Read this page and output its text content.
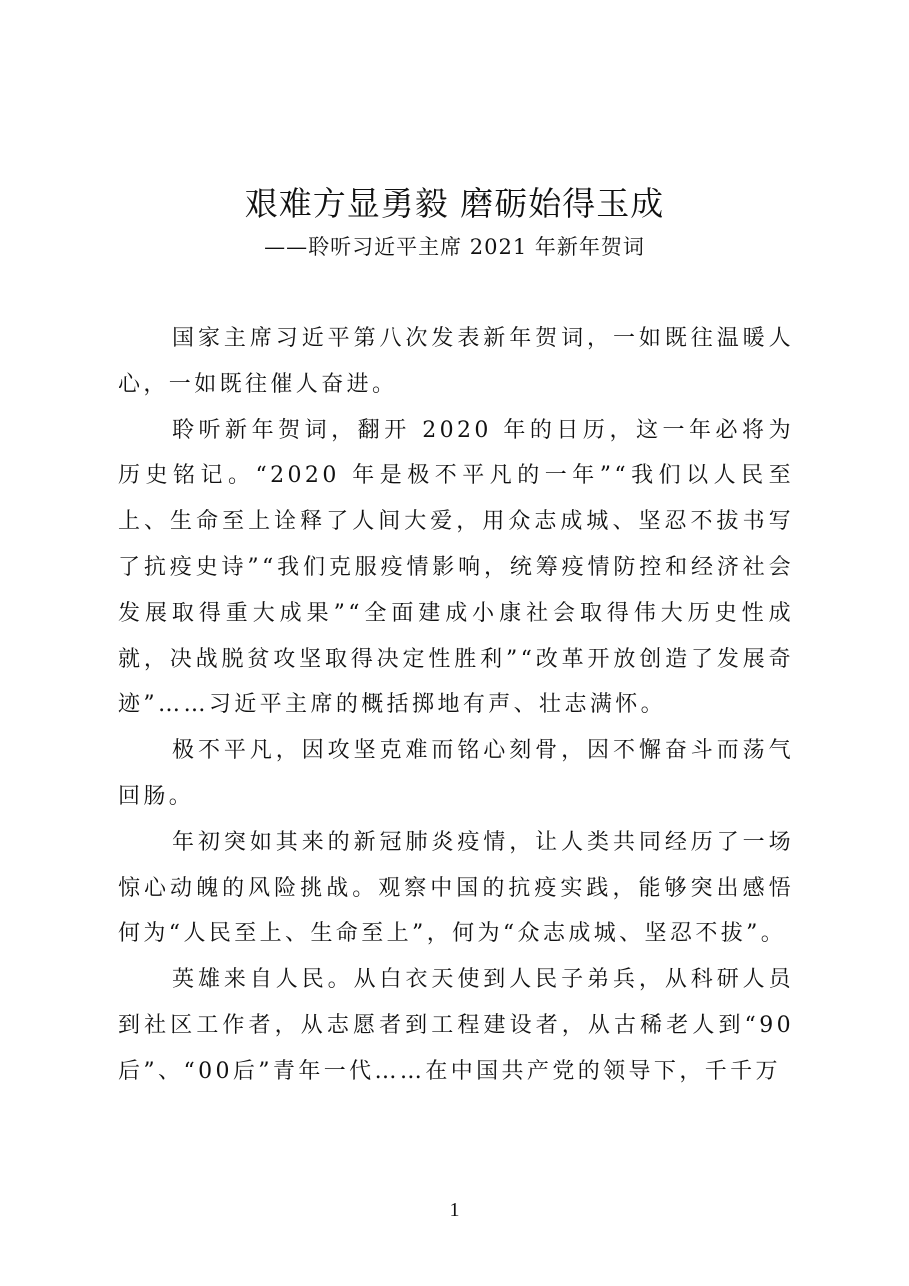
艰难方显勇毅 磨砺始得玉成
——聆听习近平主席 2021 年新年贺词

国家主席习近平第八次发表新年贺词，一如既往温暖人心，一如既往催人奋进。

聆听新年贺词，翻开 2020 年的日历，这一年必将为历史铭记。“2020 年是极不平凡的一年”“我们以人民至上、生命至上诠释了人间大爱，用众志成城、坚忍不拔书写了抗疫史诗”“我们克服疫情影响，统筹疫情防控和经济社会发展取得重大成果”“全面建成小康社会取得伟大历史性成就，决战脱贫攻坚取得决定性胜利”“改革开放创造了发展奇迹”……习近平主席的概括掷地有声、壮志满怀。

极不平凡，因攻坚克难而铭心刻骨，因不懈奋斗而荡气回肠。

年初突如其来的新冠肺炎疫情，让人类共同经历了一场惊心动魄的风险挑战。观察中国的抗疫实践，能够突出感悟何为“人民至上、生命至上”，何为“众志成城、坚忍不拔”。

英雄来自人民。从白衣天使到人民子弟兵，从科研人员到社区工作者，从志愿者到工程建设者，从古稀老人到“90后”、“00后”青年一代……在中国共产党的领导下，千千万

1
